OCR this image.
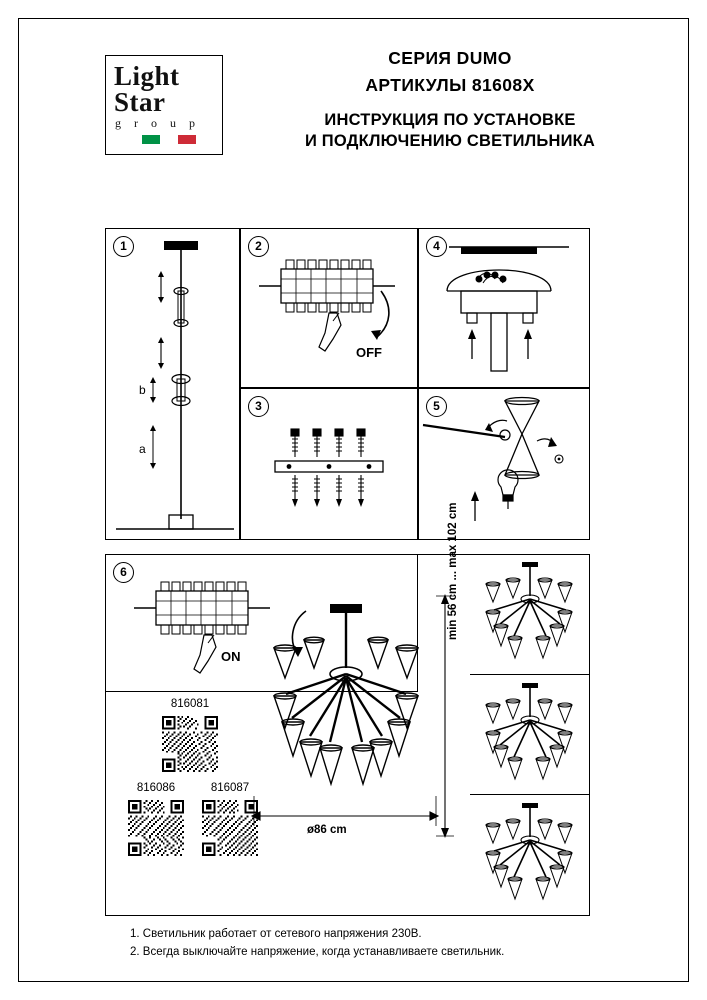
Light
Star
g r o u p
СЕРИЯ DUMO
АРТИКУЛЫ 81608X
ИНСТРУКЦИЯ ПО УСТАНОВКЕ
И ПОДКЛЮЧЕНИЮ СВЕТИЛЬНИКА
1
b
a
2
OFF
3
4
5
6
ON
816081
816086	816087
min 56 cm ... max 102 cm
ø86 cm
1. Светильник работает от сетевого напряжения 230В.
2. Всегда выключайте напряжение, когда устанавливаете светильник.
